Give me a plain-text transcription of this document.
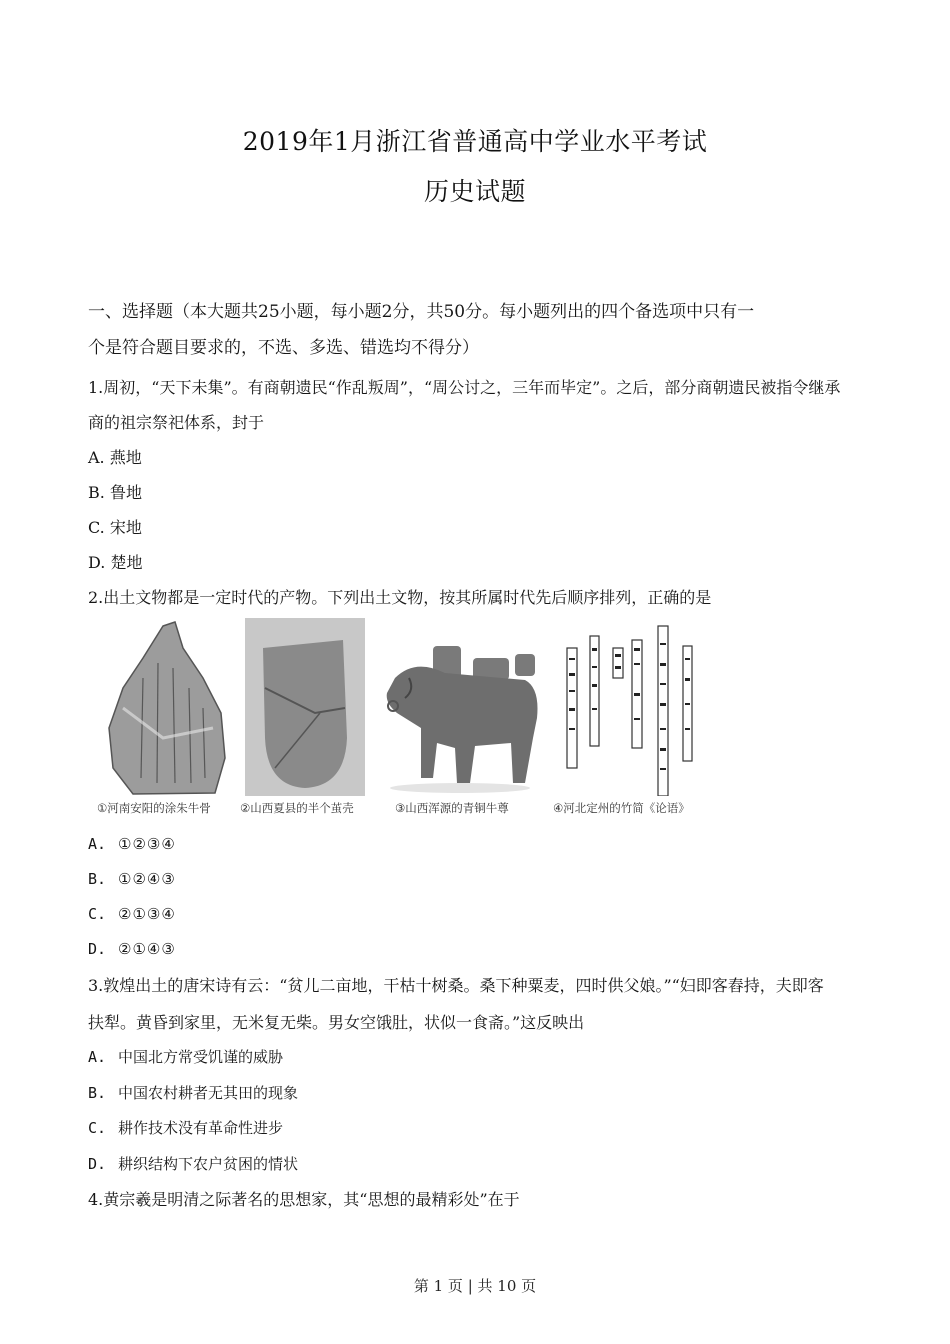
2019年1月浙江省普通高中学业水平考试
历史试题
一、选择题（本大题共25小题，每小题2分，共50分。每小题列出的四个备选项中只有一
个是符合题目要求的，不选、多选、错选均不得分）
1.周初，“天下未集”。有商朝遗民“作乱叛周”，“周公讨之，三年而毕定”。之后，部分商朝遗民被指令继承
商的祖宗祭祀体系，封于
A. 燕地
B. 鲁地
C. 宋地
D. 楚地
2.出土文物都是一定时代的产物。下列出土文物，按其所属时代先后顺序排列，正确的是
①河南安阳的涂朱牛骨	②山西夏县的半个茧壳	③山西浑源的青铜牛尊	④河北定州的竹简《论语》
A. ①②③④
B. ①②④③
C. ②①③④
D. ②①④③
3.敦煌出土的唐宋诗有云：“贫儿二亩地，干枯十树桑。桑下种粟麦，四时供父娘。”“妇即客舂持，夫即客
扶犁。黄昏到家里，无米复无柴。男女空饿肚，状似一食斋。”这反映出
A. 中国北方常受饥谨的威胁
B. 中国农村耕者无其田的现象
C. 耕作技术没有革命性进步
D. 耕织结构下农户贫困的情状
4.黄宗羲是明清之际著名的思想家，其“思想的最精彩处”在于
第 1 页 | 共 10 页
